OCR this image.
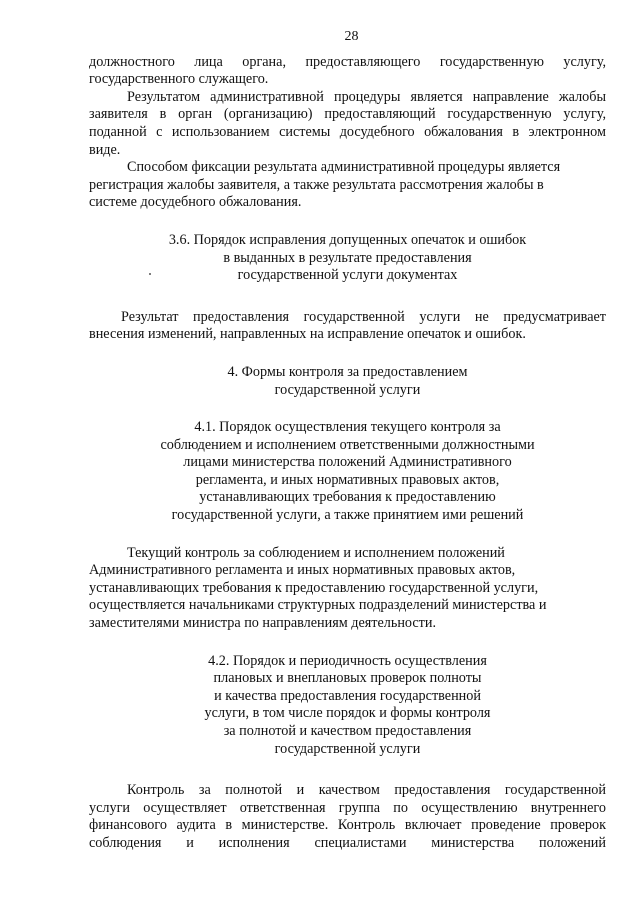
28

должностного лица органа, предоставляющего государственную услугу,
государственного служащего.

Результатом административной процедуры является направление жалобы
заявителя в орган (организацию) предоставляющий государственную услугу,
поданной с использованием системы досудебного обжалования в электронном
виде.

Способом фиксации результата административной процедуры является
регистрация жалобы заявителя, а также результата рассмотрения жалобы в
системе досудебного обжалования.

3.6. Порядок исправления допущенных опечаток и ошибок
в выданных в результате предоставления
государственной услуги документах

Результат предоставления государственной услуги не предусматривает
внесения изменений, направленных на исправление опечаток и ошибок.

4. Формы контроля за предоставлением
государственной услуги
4.1. Порядок осуществления текущего контроля за
соблюдением и исполнением ответственными должностными
лицами министерства положений Административного
регламента, и иных нормативных правовых актов,
устанавливающих требования к предоставлению
государственной услуги, а также принятием ими решений

Текущий контроль за соблюдением и исполнением положений
Административного регламента и иных нормативных правовых актов,
устанавливающих требования к предоставлению государственной услуги,
осуществляется начальниками структурных подразделений министерства и
заместителями министра по направлениям деятельности.

4.2. Порядок и периодичность осуществления
плановых и внеплановых проверок полноты
и качества предоставления государственной
услуги, в том числе порядок и формы контроля
за полнотой и качеством предоставления
государственной услуги

Контроль за полнотой и качеством предоставления государственной
услуги осуществляет ответственная группа по осуществлению внутреннего
финансового аудита в министерстве. Контроль включает проведение проверок
соблюдения и исполнения специалистами министерства положений
